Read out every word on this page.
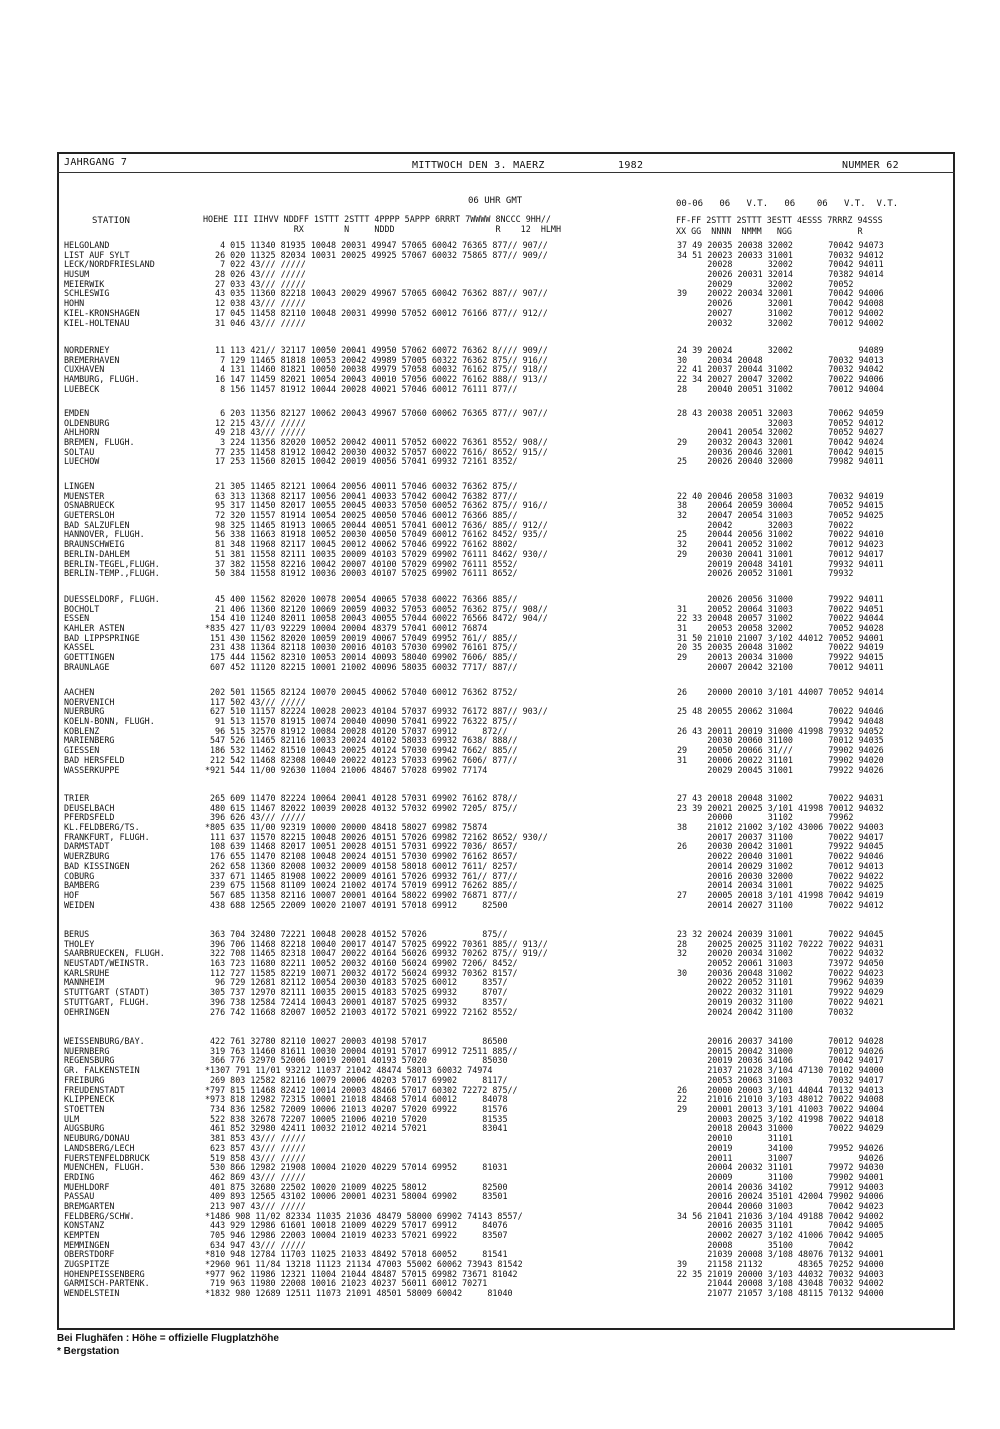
JAHRGANG 7	MITTWOCH DEN 3. MAERZ	1982	NUMMER 62
06 UHR GMT	00-06   06   V.T.   06    06   V.T.  V.T.
STATION	HOEHE III IIHVV NDDFF 1STTT 2STTT 4PPPP 5APPP 6RRRT 7WWWW 8NCCC 9HH//
RX        N     NDDD                    R    12  HLMH
FF-FF 2STTT 2STTT 3ESTT 4ESSS 7RRRZ 94SSS
XX GG  NNNN  NMMM   NGG             R
HELGOLAND	4 015 11340 81935 10048 20031 49947 57065 60042 76365 877// 907//	37 49 20035 20038 32002       70042 94073
LIST AUF SYLT	26 020 11325 82034 10031 20025 49925 57067 60032 75865 877// 909//	34 51 20023 20033 31001       70032 94012
LECK/NORDFRIESLAND	7 022 43/// /////	20028       32002       70042 94011
HUSUM	28 026 43/// /////	20026 20031 32014       70382 94014
MEIERWIK	27 033 43/// /////	20029       32002       70052
SCHLESWIG	43 035 11360 82218 10043 20029 49967 57065 60042 76362 887// 907//	39    20022 20034 32001       70042 94006
HOHN	12 038 43/// /////	20026       32001       70042 94008
KIEL-KRONSHAGEN	17 045 11458 82110 10048 20031 49990 57052 60012 76166 877// 912//	20027       31002       70012 94002
KIEL-HOLTENAU	31 046 43/// /////	20032       32002       70012 94002
NORDERNEY	11 113 421// 32117 10050 20041 49950 57062 60072 76362 8//// 909//	24 39 20024       32002             94089
BREMERHAVEN	7 129 11465 81818 10053 20042 49989 57005 60322 76362 875// 916//	30    20034 20048             70032 94013
CUXHAVEN	4 131 11460 81821 10050 20038 49979 57058 60032 76162 875// 918//	22 41 20037 20044 31002       70032 94042
HAMBURG, FLUGH.	16 147 11459 82021 10054 20043 40010 57056 60022 76162 888// 913//	22 34 20027 20047 32002       70022 94006
LUEBECK	8 156 11457 81912 10044 20028 40021 57046 60012 76111 877//	28    20040 20051 31002       70012 94004
EMDEN	6 203 11356 82127 10062 20043 49967 57060 60062 76365 877// 907//	28 43 20038 20051 32003       70062 94059
OLDENBURG	12 215 43/// /////	32003       70052 94012
AHLHORN	49 218 43/// /////	20041 20054 32002       70052 94027
BREMEN, FLUGH.	3 224 11356 82020 10052 20042 40011 57052 60022 76361 8552/ 908//	29    20032 20043 32001       70042 94024
SOLTAU	77 235 11458 81912 10042 20030 40032 57057 60022 7616/ 8652/ 915//	20036 20046 32001       70042 94015
LUECHOW	17 253 11560 82015 10042 20019 40056 57041 69932 72161 8352/	25    20026 20040 32000       79982 94011
LINGEN	21 305 11465 82121 10064 20056 40011 57046 60032 76362 875//
MUENSTER	63 313 11368 82117 10056 20041 40033 57042 60042 76382 877//	22 40 20046 20058 31003       70032 94019
OSNABRUECK	95 317 11450 82017 10055 20045 40033 57050 60052 76362 875// 916//	38    20064 20059 30004       70052 94015
GUETERSLOH	72 320 11557 81914 10054 20025 40050 57046 60012 76366 885//	32    20047 20054 31003       70052 94025
BAD SALZUFLEN	98 325 11465 81913 10065 20044 40051 57041 60012 7636/ 885// 912//	20042       32003       70022
HANNOVER, FLUGH.	56 338 11663 81918 10052 20030 40050 57049 60012 76162 8452/ 935//	25    20044 20056 31002       70022 94010
BRAUNSCHWEIG	81 348 11968 82117 10045 20012 40062 57046 69922 76162 8802/	32    20041 20052 31002       70012 94023
BERLIN-DAHLEM	51 381 11558 82111 10035 20009 40103 57029 69902 76111 8462/ 930//	29    20030 20041 31001       70012 94017
BERLIN-TEGEL,FLUGH.	37 382 11558 82216 10042 20007 40100 57029 69902 76111 8552/	20019 20048 34101       79932 94011
BERLIN-TEMP.,FLUGH.	50 384 11558 81912 10036 20003 40107 57025 69902 76111 8652/	20026 20052 31001       79932
DUESSELDORF, FLUGH.	45 400 11562 82020 10078 20054 40065 57038 60022 76366 885//	20026 20056 31000       79922 94011
BOCHOLT	21 406 11360 82120 10069 20059 40032 57053 60052 76362 875// 908//	31    20052 20064 31003       70022 94051
ESSEN	154 410 11240 82011 10058 20043 40055 57044 60022 76566 8472/ 904//	22 33 20048 20057 31002       70022 94044
KAHLER ASTEN	* 835 427 11/03 92229 10004 20004 48379 57041 60012 76874	31    20053 20058 32002       70052 94028
BAD LIPPSPRINGE	151 430 11562 82020 10059 20019 40067 57049 69952 761// 885//	31 50 21010 21007 3/102 44012 70052 94001
KASSEL	231 438 11364 82118 10030 20016 40103 57030 69902 76161 875//	20 35 20035 20048 31002       70022 94019
GOETTINGEN	175 444 11562 82310 10053 20014 40093 58040 69902 7606/ 885//	29    20013 20034 31000       79922 94015
BRAUNLAGE	607 452 11120 82215 10001 21002 40096 58035 60032 7717/ 887//	20007 20042 32100       70012 94011
AACHEN	202 501 11565 82124 10070 20045 40062 57040 60012 76362 8752/	26    20000 20010 3/101 44007 70052 94014
NOERVENICH	117 502 43/// /////
NUERBURG	627 510 11157 82224 10028 20023 40104 57037 69932 76172 887// 903//	25 48 20055 20062 31004       70022 94046
KOELN-BONN, FLUGH.	91 513 11570 81915 10074 20040 40090 57041 69922 76322 875//	79942 94048
KOBLENZ	96 515 32570 81912 10084 20028 40120 57037 69912     872//	26 43 20011 20019 31000 41998 79932 94052
MARIENBERG	547 526 11465 82116 10033 20024 40102 58033 69932 7638/ 888//	20030 20060 31100       70012 94035
GIESSEN	186 532 11462 81510 10043 20025 40124 57030 69942 7662/ 885//	29    20050 20066 31///       79902 94026
BAD HERSFELD	212 542 11468 82308 10040 20022 40123 57033 69962 7606/ 877//	31    20006 20022 31101       79902 94020
WASSERKUPPE	* 921 544 11/00 92630 11004 21006 48467 57028 69902 77174	20029 20045 31001       79922 94026
TRIER	265 609 11470 82224 10064 20041 40128 57031 69902 76162 878//	27 43 20018 20048 31002       70022 94031
DEUSELBACH	480 615 11467 82022 10039 20028 40132 57032 69902 7205/ 875//	23 39 20021 20025 3/101 41998 70012 94032
PFERDSFELD	396 626 43/// /////	20000       31102       79962
KL.FELDBERG/TS.	* 805 635 11/00 92319 10000 20000 48418 58027 69982 75874	38    21012 21002 3/102 43006 70022 94003
FRANKFURT, FLUGH.	111 637 11570 82215 10048 20026 40151 57026 69982 72162 8652/ 930//	20017 20037 31100       70022 94017
DARMSTADT	108 639 11468 82017 10051 20028 40151 57031 69922 7036/ 8657/	26    20030 20042 31001       79922 94045
WUERZBURG	176 655 11470 82108 10048 20024 40151 57030 69902 76162 8657/	20022 20040 31001       70022 94046
BAD KISSINGEN	262 658 11360 82008 10032 20009 40158 58018 60012 7611/ 8257/	20014 20029 31002       70012 94013
COBURG	337 671 11465 81908 10022 20009 40161 57026 69932 761// 877//	20016 20030 32000       70022 94022
BAMBERG	239 675 11568 81109 10024 21002 40174 57019 69912 76262 885//	20014 20034 31001       70022 94025
HOF	567 685 11358 82116 10007 20001 40164 58022 69902 76871 877//	27    20005 20018 3/101 41998 70042 94019
WEIDEN	438 688 12565 22009 10020 21007 40191 57018 69912     82500	20014 20027 31100       70022 94012
BERUS	363 704 32480 72221 10048 20028 40152 57026           875//	23 32 20024 20039 31001       70022 94045
THOLEY	396 706 11468 82218 10040 20017 40147 57025 69922 70361 885// 913//	28    20025 20025 31102 70222 70022 94031
SAARBRUECKEN, FLUGH.	322 708 11465 82318 10047 20022 40164 56026 69932 70262 875// 919//	32    20020 20034 31002       70022 94032
NEUSTADT/WEINSTR.	163 723 11680 82211 10052 20032 40160 56024 69902 7206/ 8452/	20052 20061 31003       73972 94050
KARLSRUHE	112 727 11585 82219 10071 20032 40172 56024 69932 70362 8157/	30    20036 20048 31002       70022 94023
MANNHEIM	96 729 12681 82112 10054 20030 40183 57025 60012     8357/	20022 20052 31101       79962 94039
STUTTGART (STADT)	305 737 12970 82111 10035 20015 40183 57025 69932     8707/	20022 20032 31101       79922 94029
STUTTGART, FLUGH.	396 738 12584 72414 10043 20001 40187 57025 69932     8357/	20019 20032 31100       70022 94021
OEHRINGEN	276 742 11668 82007 10052 21003 40172 57021 69922 72162 8552/	20024 20042 31100       70032
WEISSENBURG/BAY.	422 761 32780 82110 10027 20003 40198 57017           86500	20016 20037 34100       70012 94028
NUERNBERG	319 763 11460 81611 10030 20004 40191 57017 69912 72511 885//	20015 20042 31000       70012 94026
REGENSBURG	366 776 32970 52006 10019 20001 40193 57020           85030	20019 20036 34106       70042 94017
GR. FALKENSTEIN	* 1307 791 11/01 93212 11037 21042 48474 58013 60032 74974	21037 21028 3/104 47130 70102 94000
FREIBURG	269 803 12582 82116 10079 20006 40203 57017 69902     8117/	20053 20063 31003       70032 94017
FREUDENSTADT	* 797 815 11468 82412 10014 20003 48466 57017 60302 72272 875//	26    20000 20003 3/101 44044 70132 94013
KLIPPENECK	* 973 818 12982 72315 10001 21018 48468 57014 60012     84078	22    21016 21010 3/103 48012 70022 94008
STOETTEN	734 836 12582 72009 10006 21013 40207 57020 69922     81576	29    20001 20013 3/101 41003 70022 94004
ULM	522 838 32678 72207 10005 21006 40210 57020           81535	20003 20025 3/102 41998 70022 94018
AUGSBURG	461 852 32980 42411 10032 21012 40214 57021           83041	20018 20043 31000       70022 94029
NEUBURG/DONAU	381 853 43/// /////	20010       31101
LANDSBERG/LECH	623 857 43/// /////	20019       34100       79952 94026
FUERSTENFELDBRUCK	519 858 43/// /////	20011       31007             94026
MUENCHEN, FLUGH.	530 866 12982 21908 10004 21020 40229 57014 69952     81031	20004 20032 31101       79972 94030
ERDING	462 869 43/// /////	20009       31100       79902 94001
MUEHLDORF	401 875 32680 22502 10020 21009 40225 58012           82500	20014 20036 34102       79912 94003
PASSAU	409 893 12565 43102 10006 20001 40231 58004 69902     83501	20016 20024 35101 42004 79902 94006
BREMGARTEN	213 907 43/// /////	20044 20060 31003       70042 94023
FELDBERG/SCHW.	* 1486 908 11/02 82334 11035 21036 48479 58000 69902 74143 8557/	34 56 21041 21036 3/104 49188 70042 94002
KONSTANZ	443 929 12986 61601 10018 21009 40229 57017 69912     84076	20016 20035 31101       70042 94005
KEMPTEN	705 946 12986 22003 10004 21019 40233 57021 69922     83507	20002 20027 3/102 41006 70042 94005
MEMMINGEN	634 947 43/// /////	20008       35100       70042
OBERSTDORF	* 810 948 12784 11703 11025 21033 48492 57018 60052     81541	21039 20008 3/108 48076 70132 94001
ZUGSPITZE	* 2960 961 11/84 13218 11123 21134 47003 55002 60062 73943 81542	39    21158 21132       48365 70252 94000
HOHENPEISSENBERG	* 977 962 11986 12321 11004 21044 48487 57015 69982 73671 81042	22 35 21019 20000 3/103 44032 70032 94003
GARMISCH-PARTENK.	719 963 11980 22008 10016 21023 40237 56011 60012 70271	21044 20008 3/108 43048 70032 94002
WENDELSTEIN	* 1832 980 12689 12511 11073 21091 48501 58009 60042     81040	21077 21057 3/108 48115 70132 94000
Bei Flughäfen : Höhe = offizielle Flugplatzhöhe
* Bergstation
